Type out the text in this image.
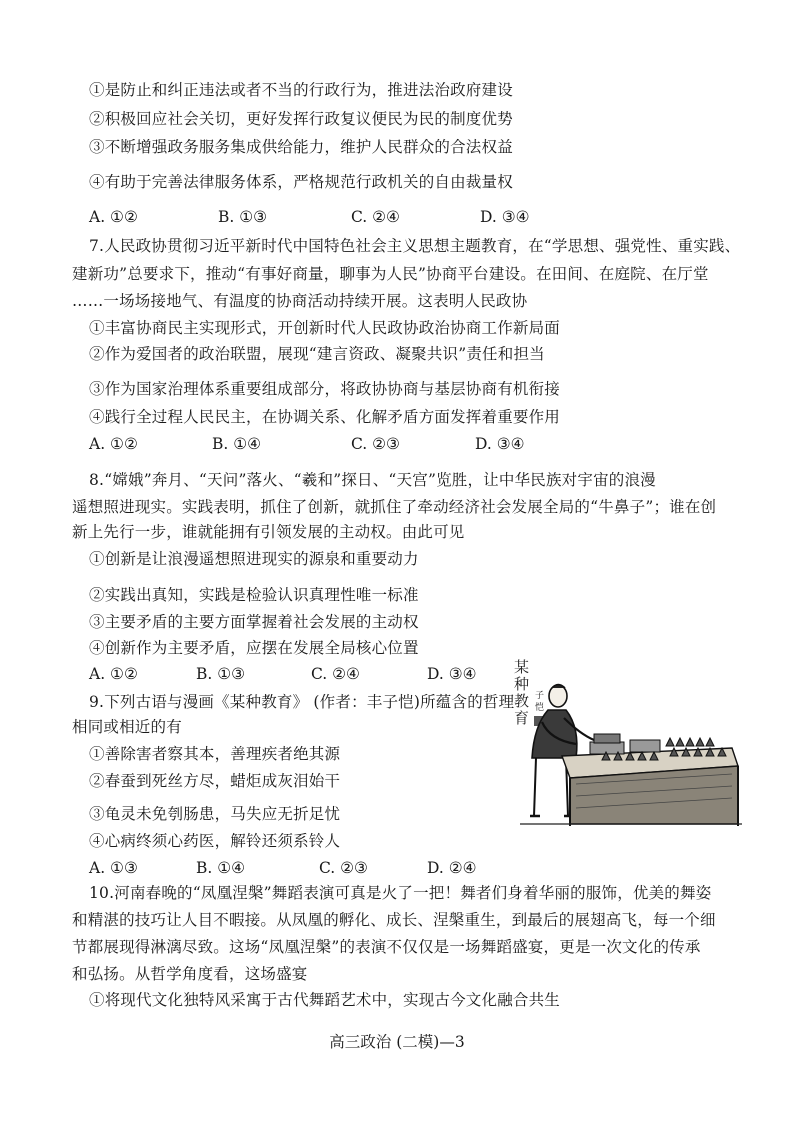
①是防止和纠正违法或者不当的行政行为，推进法治政府建设
②积极回应社会关切，更好发挥行政复议便民为民的制度优势
③不断增强政务服务集成供给能力，维护人民群众的合法权益
④有助于完善法律服务体系，严格规范行政机关的自由裁量权
A. ①②	B. ①③	C. ②④	D. ③④
7.人民政协贯彻习近平新时代中国特色社会主义思想主题教育，在“学思想、强党性、重实践、
建新功”总要求下，推动“有事好商量，聊事为人民”协商平台建设。在田间、在庭院、在厅堂
……一场场接地气、有温度的协商活动持续开展。这表明人民政协
①丰富协商民主实现形式，开创新时代人民政协政治协商工作新局面
②作为爱国者的政治联盟，展现“建言资政、凝聚共识”责任和担当
③作为国家治理体系重要组成部分，将政协协商与基层协商有机衔接
④践行全过程人民民主，在协调关系、化解矛盾方面发挥着重要作用
A. ①②	B. ①④	C. ②③	D. ③④
8.“嫦娥”奔月、“天问”落火、“羲和”探日、“天宫”览胜，让中华民族对宇宙的浪漫
遥想照进现实。实践表明，抓住了创新，就抓住了牵动经济社会发展全局的“牛鼻子”；谁在创
新上先行一步，谁就能拥有引领发展的主动权。由此可见
①创新是让浪漫遥想照进现实的源泉和重要动力
②实践出真知，实践是检验认识真理性唯一标准
③主要矛盾的主要方面掌握着社会发展的主动权
④创新作为主要矛盾，应摆在发展全局核心位置
A. ①②	B. ①③	C. ②④	D. ③④
9.下列古语与漫画《某种教育》 (作者：丰子恺)所蕴含的哲理
相同或相近的有
①善除害者察其本，善理疾者绝其源
②春蚕到死丝方尽，蜡炬成灰泪始干
③龟灵未免刳肠患，马失应无折足忧
④心病终须心药医，解铃还须系铃人
A. ①③	B. ①④	C. ②③	D. ②④
某
种
教
育
子
恺
10.河南春晚的“凤凰涅槃”舞蹈表演可真是火了一把！舞者们身着华丽的服饰，优美的舞姿
和精湛的技巧让人目不暇接。从凤凰的孵化、成长、涅槃重生，到最后的展翅高飞，每一个细
节都展现得淋漓尽致。这场“凤凰涅槃”的表演不仅仅是一场舞蹈盛宴，更是一次文化的传承
和弘扬。从哲学角度看，这场盛宴
①将现代文化独特风采寓于古代舞蹈艺术中，实现古今文化融合共生
高三政治 (二模)—3
